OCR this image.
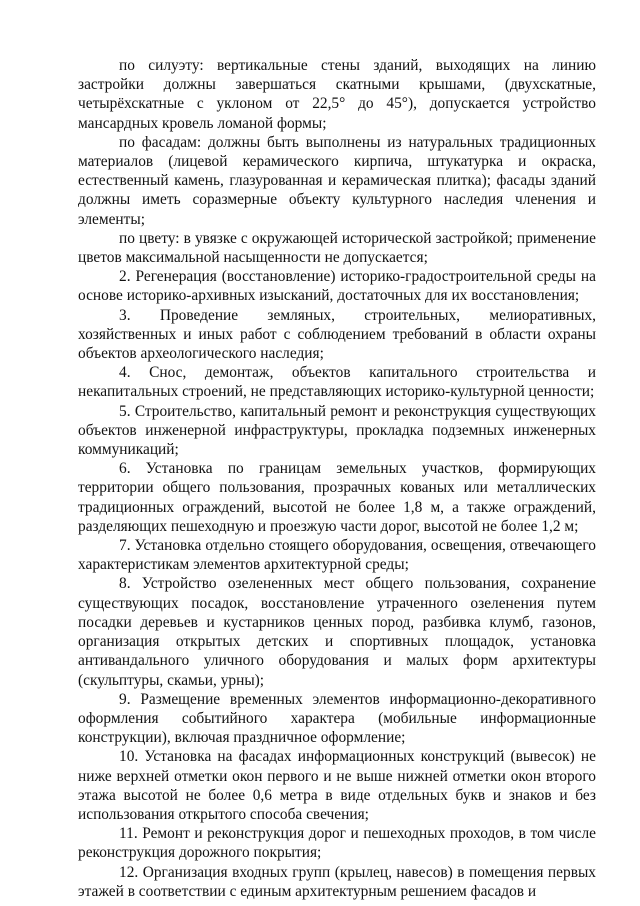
по силуэту: вертикальные стены зданий, выходящих на линию застройки должны завершаться скатными крышами, (двухскатные, четырёхскатные с уклоном от 22,5° до 45°), допускается устройство мансардных кровель ломаной формы;

по фасадам: должны быть выполнены из натуральных традиционных материалов (лицевой керамического кирпича, штукатурка и окраска, естественный камень, глазурованная и керамическая плитка); фасады зданий должны иметь соразмерные объекту культурного наследия членения и элементы;

по цвету: в увязке с окружающей исторической застройкой; применение цветов максимальной насыщенности не допускается;

2. Регенерация (восстановление) историко-градостроительной среды на основе историко-архивных изысканий, достаточных для их восстановления;

3. Проведение земляных, строительных, мелиоративных, хозяйственных и иных работ с соблюдением требований в области охраны объектов археологического наследия;

4. Снос, демонтаж, объектов капитального строительства и некапитальных строений, не представляющих историко-культурной ценности;

5. Строительство, капитальный ремонт и реконструкция существующих объектов инженерной инфраструктуры, прокладка подземных инженерных коммуникаций;

6. Установка по границам земельных участков, формирующих территории общего пользования, прозрачных кованых или металлических традиционных ограждений, высотой не более 1,8 м, а также ограждений, разделяющих пешеходную и проезжую части дорог, высотой не более 1,2 м;

7. Установка отдельно стоящего оборудования, освещения, отвечающего характеристикам элементов архитектурной среды;

8. Устройство озелененных мест общего пользования, сохранение существующих посадок, восстановление утраченного озеленения путем посадки деревьев и кустарников ценных пород, разбивка клумб, газонов, организация открытых детских и спортивных площадок, установка антивандального уличного оборудования и малых форм архитектуры (скульптуры, скамьи, урны);

9. Размещение временных элементов информационно-декоративного оформления событийного характера (мобильные информационные конструкции), включая праздничное оформление;

10. Установка на фасадах информационных конструкций (вывесок) не ниже верхней отметки окон первого и не выше нижней отметки окон второго этажа высотой не более 0,6 метра в виде отдельных букв и знаков и без использования открытого способа свечения;

11. Ремонт и реконструкция дорог и пешеходных проходов, в том числе реконструкция дорожного покрытия;

12. Организация входных групп (крылец, навесов) в помещения первых этажей в соответствии с единым архитектурным решением фасадов и
